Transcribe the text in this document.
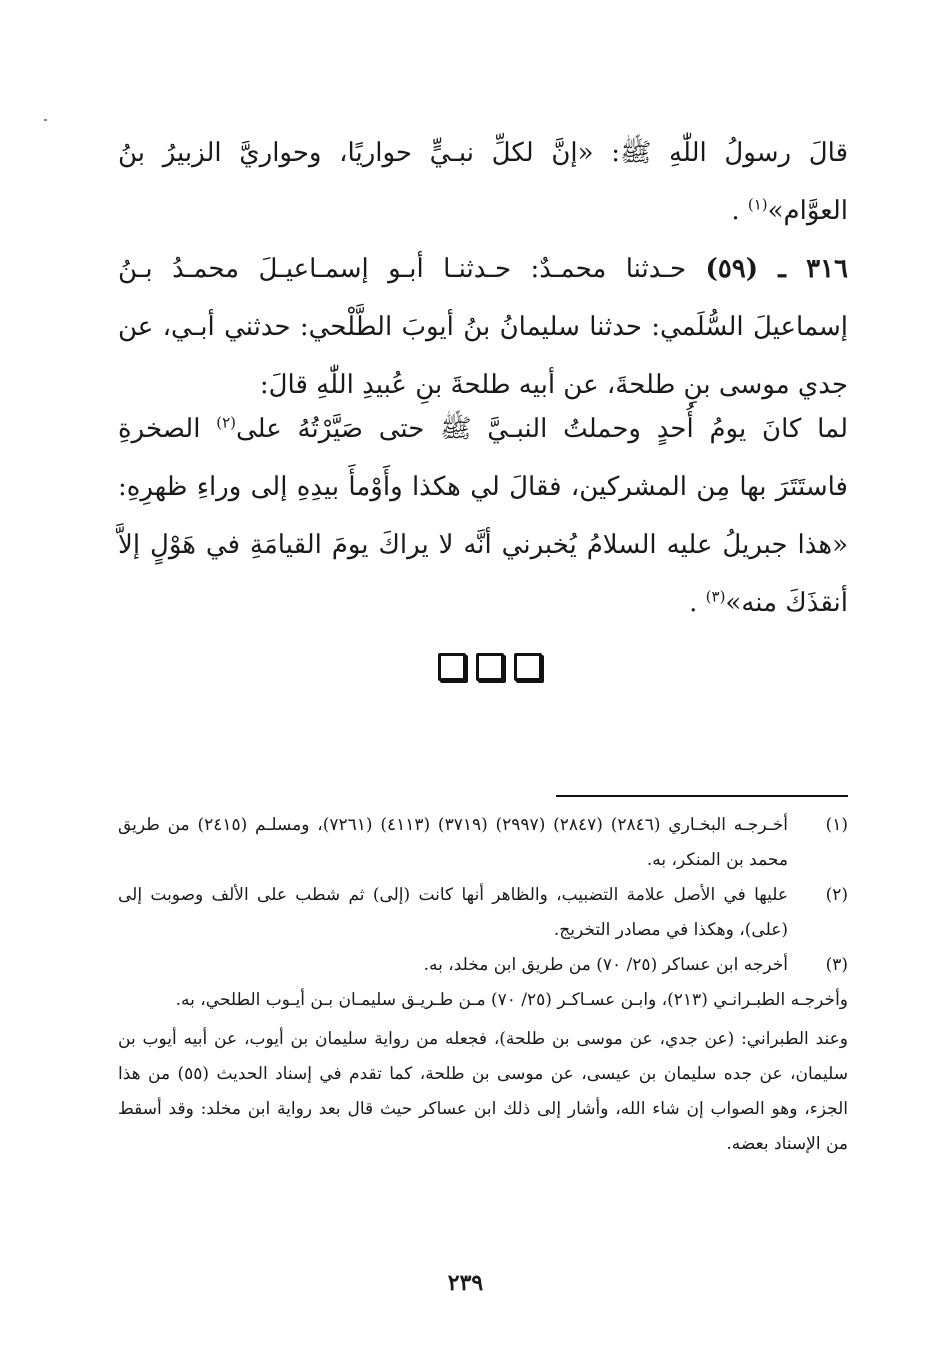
قالَ رسولُ اللّٰهِ ﷺ: «إنَّ لكلِّ نبـيٍّ حواريًا، وحواريَّ الزبيرُ بنُ العوَّام»$^{(١)}$ .

٣١٦ ـ (٥٩) حـدثنا محمـدٌ: حـدثنـا أبـو إسمـاعيـلَ محمـدُ بـنُ إسماعيلَ السُّلَمي: حدثنا سليمانُ بنُ أيوبَ الطَّلْحي: حدثني أبـي، عن جدي موسى بنِ طلحةَ، عن أبيه طلحةَ بنِ عُبيدِ اللّٰهِ قالَ:

لما كانَ يومُ أُحدٍ وحملتُ النبـيَّ ﷺ حتى صَيَّرْتُهُ على$^{(٢)}$ الصخرةِ فاستَتَرَ بها مِن المشركين، فقالَ لي هكذا وأَوْمأَ بيدِهِ إلى وراءِ ظهرِهِ: «هذا جبريلُ عليه السلامُ يُخبرني أنَّه لا يراكَ يومَ القيامَةِ في هَوْلٍ إلاَّ أنقذَكَ منه»$^{(٣)}$ .

(١)
أخـرجـه البخـاري (٢٨٤٦) (٢٨٤٧) (٢٩٩٧) (٣٧١٩) (٤١١٣) (٧٢٦١)، ومسلـم (٢٤١٥) من طريق محمد بن المنكر، به.
(٢)
عليها في الأصل علامة التضبيب، والظاهر أنها كانت (إلى) ثم شطب على الألف وصوبت إلى (على)، وهكذا في مصادر التخريج.
(٣)
أخرجه ابن عساكر (٢٥/ ٧٠) من طريق ابن مخلد، به.
وأخرجـه الطبـرانـي (٢١٣)، وابـن عسـاكـر (٢٥/ ٧٠) مـن طـريـق سليمـان بـن أيـوب الطلحي، به.
وعند الطبراني: (عن جدي، عن موسى بن طلحة)، فجعله من رواية سليمان بن أيوب، عن أبيه أيوب بن سليمان، عن جده سليمان بن عيسى، عن موسى بن طلحة، كما تقدم في إسناد الحديث (٥٥) من هذا الجزء، وهو الصواب إن شاء الله، وأشار إلى ذلك ابن عساكر حيث قال بعد رواية ابن مخلد: وقد أسقط من الإسناد بعضه.
٢٣٩
